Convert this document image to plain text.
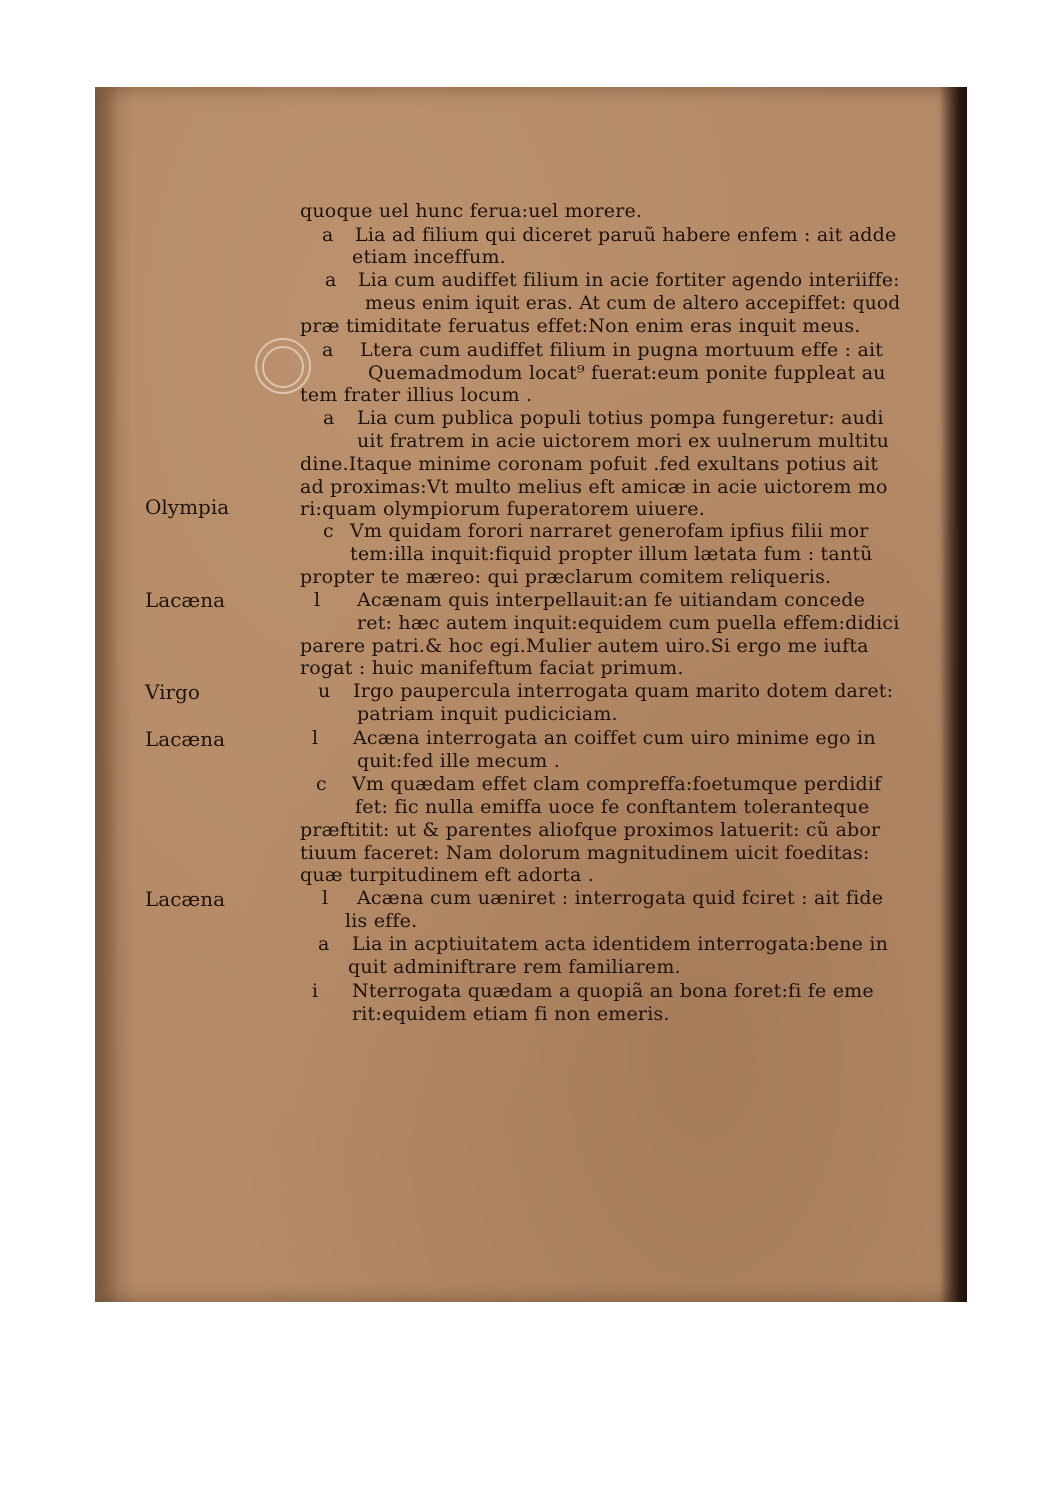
Olympia
Lacæna
Virgo
Lacæna
Lacæna
a
a
a
a
c
l
u
l
c
l
a
i
quoque uel hunc ferua:uel morere.
Lia ad filium qui diceret paruũ habere enfem : ait adde
etiam inceffum.
Lia cum audiffet filium in acie fortiter agendo interiiffe:
meus enim iquit eras. At cum de altero accepiffet: quod
præ timiditate feruatus effet:Non enim eras inquit meus.
Ltera cum audiffet filium in pugna mortuum effe : ait
Quemadmodum locat⁹ fuerat:eum ponite fuppleat au
tem frater illius locum .
Lia cum publica populi totius pompa fungeretur: audi
uit fratrem in acie uictorem mori ex uulnerum multitu
dine.Itaque minime coronam pofuit .fed exultans potius ait
ad proximas:Vt multo melius eft amicæ in acie uictorem mo
ri:quam olympiorum fuperatorem uiuere.
Vm quidam forori narraret generofam ipfius filii mor
tem:illa inquit:fiquid propter illum lætata fum : tantũ
propter te mæreo: qui præclarum comitem reliqueris.
Acænam quis interpellauit:an fe uitiandam concede
ret: hæc autem inquit:equidem cum puella effem:didici
parere patri.& hoc egi.Mulier autem uiro.Si ergo me iufta
rogat : huic manifeftum faciat primum.
Irgo paupercula interrogata quam marito dotem daret:
patriam inquit pudiciciam.
Acæna interrogata an coiffet cum uiro minime ego in
quit:fed ille mecum .
Vm quædam effet clam compreffa:foetumque perdidif
fet: fic nulla emiffa uoce fe conftantem toleranteque
præftitit: ut & parentes aliofque proximos latuerit: cũ abor
tiuum faceret: Nam dolorum magnitudinem uicit foeditas:
quæ turpitudinem eft adorta .
Acæna cum uæniret : interrogata quid fciret : ait fide
lis effe.
Lia in acptiuitatem acta identidem interrogata:bene in
quit adminiftrare rem familiarem.
Nterrogata quædam a quopiã an bona foret:fi fe eme
rit:equidem etiam fi non emeris.
